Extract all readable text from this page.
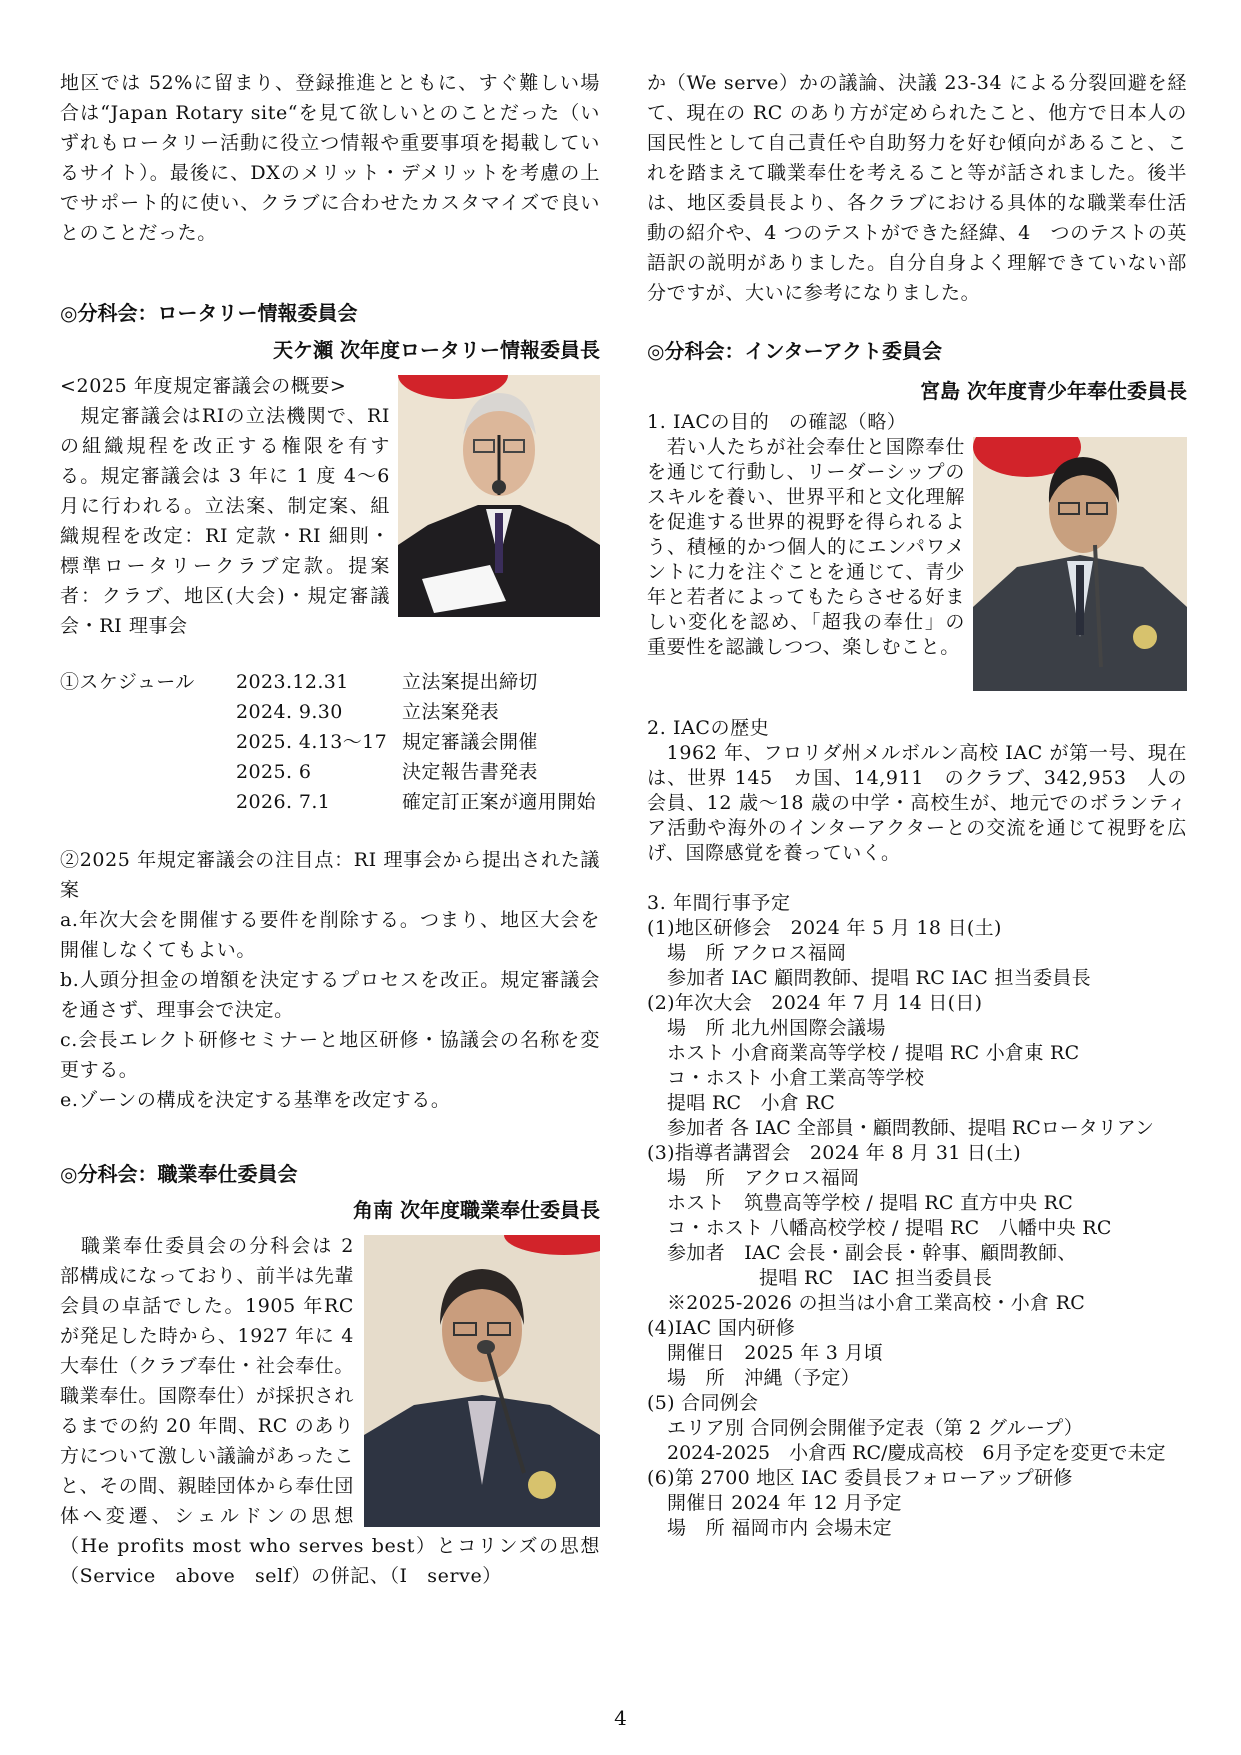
地区では 52%に留まり、登録推進とともに、すぐ難しい場合は“Japan Rotary site“を見て欲しいとのことだった（いずれもロータリー活動に役立つ情報や重要事項を掲載しているサイト）。最後に、DXのメリット・デメリットを考慮の上でサポート的に使い、クラブに合わせたカスタマイズで良いとのことだった。

◎分科会：ロータリー情報委員会

天ケ瀬 次年度ロータリー情報委員長

<2025 年度規定審議会の概要>

　規定審議会はRIの立法機関で、RI の組織規程を改正する権限を有する。規定審議会は 3 年に 1 度 4～6 月に行われる。立法案、制定案、組織規程を改定：RI 定款・RI 細則・標準ロータリークラブ定款。提案者：クラブ、地区(大会)・規定審議会・RI 理事会

①スケジュール	2023.12.31	立法案提出締切
2024. 9.30	立法案発表
2025. 4.13～17 規定審議会開催
2025. 6	決定報告書発表
2026. 7.1	確定訂正案が適用開始

②2025 年規定審議会の注目点：RI 理事会から提出された議案

a.年次大会を開催する要件を削除する。つまり、地区大会を開催しなくてもよい。

b.人頭分担金の増額を決定するプロセスを改正。規定審議会を通さず、理事会で決定。

c.会長エレクト研修セミナーと地区研修・協議会の名称を変更する。

e.ゾーンの構成を決定する基準を改定する。

◎分科会：職業奉仕委員会

角南 次年度職業奉仕委員長

　職業奉仕委員会の分科会は 2 部構成になっており、前半は先輩会員の卓話でした。1905 年RCが発足した時から、1927 年に 4 大奉仕（クラブ奉仕・社会奉仕。職業奉仕。国際奉仕）が採択されるまでの約 20 年間、RC のあり方について激しい議論があったこと、その間、親睦団体から奉仕団体へ変遷、シェルドンの思想（He profits most who serves best）とコリンズの思想（Service　above　self）の併記、（I　serve）

か（We serve）かの議論、決議 23-34 による分裂回避を経て、現在の RC のあり方が定められたこと、他方で日本人の国民性として自己責任や自助努力を好む傾向があること、これを踏まえて職業奉仕を考えること等が話されました。後半は、地区委員長より、各クラブにおける具体的な職業奉仕活動の紹介や、4 つのテストができた経緯、4　つのテストの英語訳の説明がありました。自分自身よく理解できていない部分ですが、大いに参考になりました。

◎分科会：インターアクト委員会

宮島 次年度青少年奉仕委員長

1. IACの目的　の確認（略）

　若い人たちが社会奉仕と国際奉仕を通じて行動し、リーダーシップのスキルを養い、世界平和と文化理解を促進する世界的視野を得られるよう、積極的かつ個人的にエンパワメントに力を注ぐことを通じて、青少年と若者によってもたらさせる好ましい変化を認め、「超我の奉仕」の重要性を認識しつつ、楽しむこと。

2. IACの歴史

　1962 年、フロリダ州メルボルン高校 IAC が第一号、現在は、世界 145　カ国、14,911　のクラブ、342,953　人の会員、12 歳～18 歳の中学・高校生が、地元でのボランティア活動や海外のインターアクターとの交流を通じて視野を広げ、国際感覚を養っていく。

3. 年間行事予定

(1)地区研修会　2024 年 5 月 18 日(土)

場　所 アクロス福岡

参加者 IAC 顧問教師、提唱 RC IAC 担当委員長

(2)年次大会　2024 年 7 月 14 日(日)

場　所 北九州国際会議場

ホスト 小倉商業高等学校 / 提唱 RC 小倉東 RC

コ・ホスト 小倉工業高等学校

提唱 RC　小倉 RC

参加者 各 IAC 全部員・顧問教師、提唱 RCロータリアン

(3)指導者講習会　2024 年 8 月 31 日(土)

場　所　アクロス福岡

ホスト　筑豊高等学校 / 提唱 RC 直方中央 RC

コ・ホスト 八幡高校学校 / 提唱 RC　八幡中央 RC

参加者　IAC 会長・副会長・幹事、顧問教師、

提唱 RC　IAC 担当委員長

※2025-2026 の担当は小倉工業高校・小倉 RC

(4)IAC 国内研修

開催日　2025 年 3 月頃

場　所　沖縄（予定）

(5) 合同例会

エリア別 合同例会開催予定表（第 2 グループ）

2024-2025　小倉西 RC/慶成高校　6月予定を変更で未定

(6)第 2700 地区 IAC 委員長フォローアップ研修

開催日 2024 年 12 月予定

場　所 福岡市内 会場未定

4
